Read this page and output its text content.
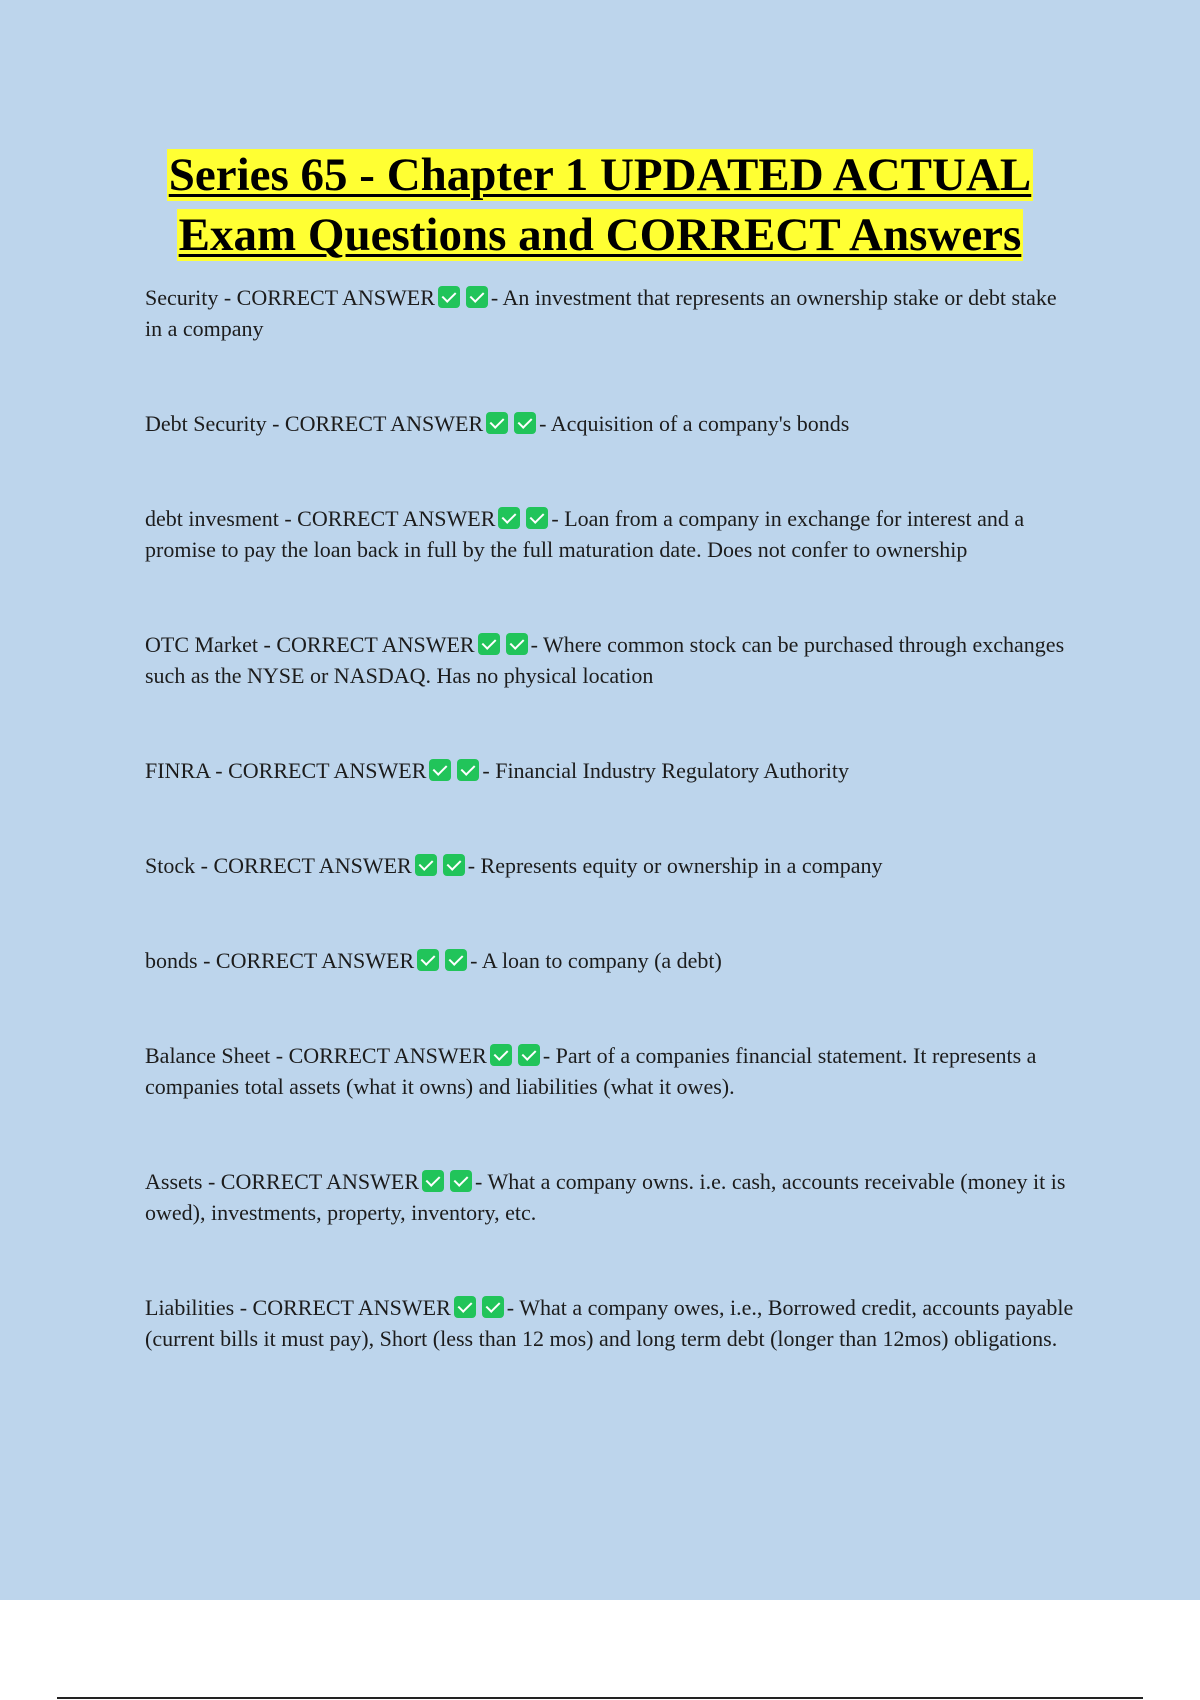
Series 65 - Chapter 1 UPDATED ACTUAL
Exam Questions and CORRECT Answers

Security - CORRECT ANSWER	- An investment that represents an ownership stake or debt stake in a company

Debt Security - CORRECT ANSWER	- Acquisition of a company's bonds

debt invesment - CORRECT ANSWER	- Loan from a company in exchange for interest and a promise to pay the loan back in full by the full maturation date. Does not confer to ownership

OTC Market - CORRECT ANSWER	- Where common stock can be purchased through exchanges such as the NYSE or NASDAQ. Has no physical location

FINRA - CORRECT ANSWER	- Financial Industry Regulatory Authority

Stock - CORRECT ANSWER	- Represents equity or ownership in a company

bonds - CORRECT ANSWER	- A loan to company (a debt)

Balance Sheet - CORRECT ANSWER	- Part of a companies financial statement. It represents a companies total assets (what it owns) and liabilities (what it owes).

Assets - CORRECT ANSWER	- What a company owns. i.e. cash, accounts receivable (money it is owed), investments, property, inventory, etc.

Liabilities - CORRECT ANSWER	- What a company owes, i.e., Borrowed credit, accounts payable (current bills it must pay), Short (less than 12 mos) and long term debt (longer than 12mos) obligations.
